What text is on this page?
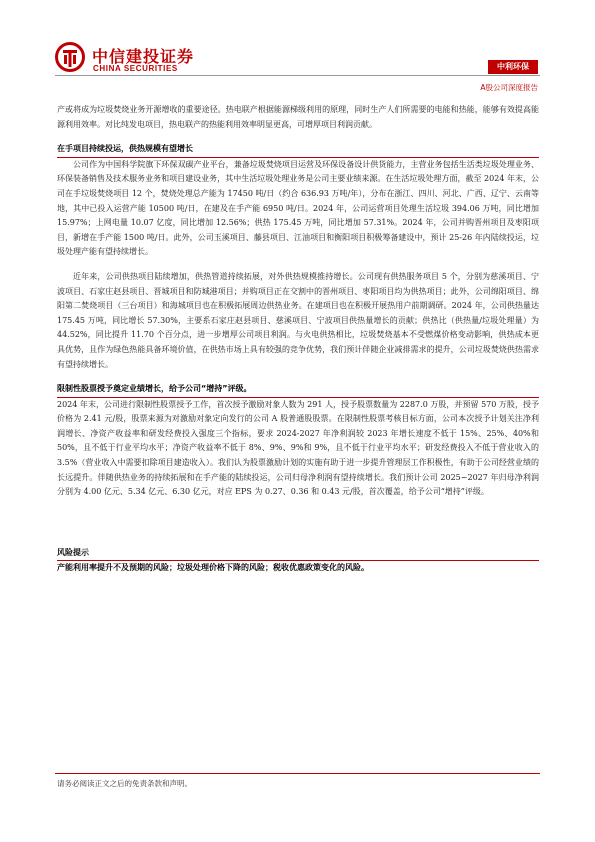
中信建投证券
CHINA SECURITIES	中利环保
A股公司深度报告

产或将成为垃圾焚烧业务开源增收的重要途径。热电联产根据能源梯级利用的原理，同时生产人们所需要的电能和热能，能够有效提高能源利用效率。对比纯发电项目，热电联产的热能利用效率明显更高，可增厚项目利润贡献。

在手项目持续投运，供热规模有望增长

公司作为中国科学院旗下环保双碳产业平台，兼备垃圾焚烧项目运营及环保设备设计供货能力，主营业务包括生活类垃圾处理业务、环保装备销售及技术服务业务和项目建设业务，其中生活垃圾处理业务是公司主要业绩来源。在生活垃圾处理方面，截至 2024 年末，公司在手垃圾焚烧项目 12 个，焚烧处理总产能为 17450 吨/日（约合 636.93 万吨/年），分布在浙江、四川、河北、广西、辽宁、云南等地，其中已投入运营产能 10500 吨/日，在建及在手产能 6950 吨/日。2024 年，公司运营项目处理生活垃圾 394.06 万吨，同比增加 15.97%；上网电量 10.07 亿度，同比增加 12.56%；供热 175.45 万吨，同比增加 57.31%。2024 年，公司并购晋州项目及枣阳项目，新增在手产能 1500 吨/日。此外，公司玉溪项目、藤县项目、江油项目和衡阳项目积极筹备建设中，预计 25-26 年内陆续投运，垃圾处理产能有望持续增长。

近年来，公司供热项目陆续增加，供热管道持续拓展，对外供热规模推持增长。公司现有供热服务项目 5 个，分别为慈溪项目、宁波项目、石家庄赵县项目、晋城项目和防城港项目；并购项目正在交割中的晋州项目、枣阳项目均为供热项目；此外，公司绵阳项目、绵阳第二焚烧项目（三台项目）和海城项目也在积极拓展周边供热业务。在建项目也在积极开展热用户前期调研。2024 年，公司供热量达 175.45 万吨，同比增长 57.30%，主要系石家庄赵县项目、慈溪项目、宁波项目供热量增长的贡献；供热比（供热量/垃圾处理量）为 44.52%，同比提升 11.70 个百分点，进一步增厚公司项目利润。与火电供热相比，垃圾焚烧基本不受燃煤价格变动影响，供热成本更具优势，且作为绿色热能具备环境价值，在供热市场上具有较强的竞争优势，我们预计伴随企业减排需求的提升，公司垃圾焚烧供热需求有望持续增长。

限制性股票授予奠定业绩增长，给予公司“增持”评级。

2024 年末，公司进行限制性股票授予工作，首次授予激励对象人数为 291 人，授予股票数量为 2287.0 万股，并预留 570 万股，授予价格为 2.41 元/股，股票来源为对激励对象定向发行的公司 A 股普通股股票。在限制性股票考核目标方面，公司本次授予计划关注净利润增长、净资产收益率和研发经费投入强度三个指标，要求 2024-2027 年净利润较 2023 年增长速度不低于 15%、25%、40%和 50%，且不低于行业平均水平；净资产收益率不低于 8%、9%、9%和 9%，且不低于行业平均水平；研发经费投入不低于营业收入的 3.5%（营业收入中需要扣除项目建造收入）。我们认为股票激励计划的实施有助于进一步提升管理层工作积极性，有助于公司经营业绩的长远提升。伴随供热业务的持续拓展和在手产能的陆续投运，公司归母净利润有望持续增长。我们预计公司 2025~2027 年归母净利润分别为 4.00 亿元、5.34 亿元、6.30 亿元，对应 EPS 为 0.27、0.36 和 0.43 元/股，首次覆盖，给予公司“增持”评级。

风险提示

产能利用率提升不及预期的风险；垃圾处理价格下降的风险；税收优惠政策变化的风险。

请务必阅读正文之后的免责条款和声明。
